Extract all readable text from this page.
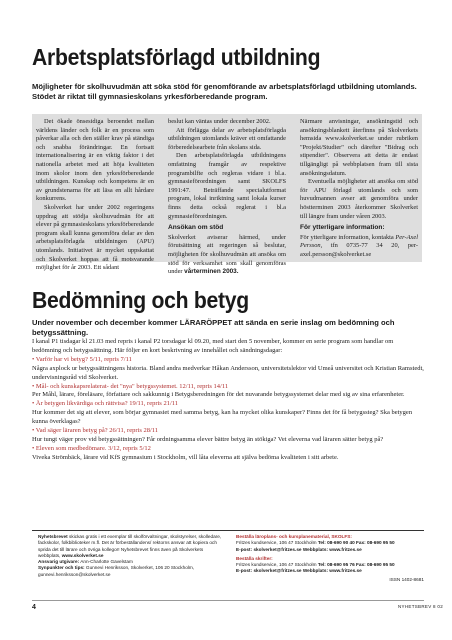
Arbetsplatsförlagd utbildning
Möjligheter för skolhuvudmän att söka stöd för genomförande av arbetsplatsförlagd utbildning utomlands. Stödet är riktat till gymnasieskolans yrkesförberedande program.

Det ökade önsesidiga beroendet mellan världens länder och folk är en process som påverkar alla och den ställer krav på ständiga och snabba förändringar. En fortsatt internationalisering är en viktig faktor i det nationella arbetet med att höja kvaliteten inom skolor inom den yrkesförberedande utbildningen. Kunskap och kompetens är en av grundstenarna för att läsa en allt hårdare konkurrens.

Skolverket har under 2002 regeringens uppdrag att stödja skolhuvudmän för att elever på gymnasieskolans yrkesförberedande program skall kunna genomföra delar av den arbetsplatsförlagda utbildningen (APU) utomlands. Initiativet är mycket uppskattat och Skolverket hoppas att få motsvarande möjlighet för år 2003. Ett sådant

beslut kan väntas under december 2002.

Att förlägga delar av arbetsplatsförlagda utbildningen utomlands kräver ett omfattande förberedelsearbete från skolans sida.

Den arbetsplatsförlagda utbildningens omfattning framgår av respektive programbilfte och regleras vidare i bl.a. gymnasieförordningen samt SKOLFS 1991:47. Beträffande specialutformat program, lokal inriktning samt lokala kurser finns detta också reglerat i bl.a gymnasieförordningen.

Ansökan om stöd

Skolverket aviserar härmed, under förutsättning att regeringen så beslutar, möjligheten för skolhuvudmän att ansöka om stöd för verksamhet som skall genomföras under vårterminen 2003.

Närmare anvisningar, ansökningstid och ansökningsblankett återfinns på Skolverkets hemsida www.skolverket.se under rubriken "Projekt/Studier" och därefter "Bidrag och stipendier". Observera att detta är endast tillgängligt på webbplatsen fram till sista ansökningsdatum.

Eventuella möjligheter att ansöka om stöd för APU förlagd utomlands och som huvudmannen avser att genomföra under höstterminen 2003 återkommer Skolverket till längre fram under våren 2003.

För ytterligare information:

För ytterligare information, kontakta Per-Axel Persson, tfn 0735-77 34 20, per-axel.persson@skolverket.se

Bedömning och betyg
Under november och december kommer LÄRARÖPPET att sända en serie inslag om bedömning och betygssättning.

I kanal P1 tisdagar kl 21.03 med repris i kanal P2 torsdagar kl 09.20, med start den 5 november, kommer en serie program som handlar om bedömning och betygssättning. Här följer en kort beskrivning av innehållet och sändningsdagar:

• Varför har vi betyg? 5/11, repris 7/11

Några axplock ur betygssättningens historia. Bland andra medverkar Håkan Andersson, universitetslektor vid Umeå universitet och Kristian Ramstedt, undervisningsråd vid Skolverket.

• Mål- och kunskapsrelaterat- det "nya" betygssystemet. 12/11, repris 14/11

Per Måhl, lärare, föreläsare, författare och sakkunnig i Betygsberedningen för det nuvarande betygssystemet delar med sig av sina erfarenheter.

• Är betygen likvärdiga och rättvisa? 19/11, repris 21/11

Hur kommer det sig att elever, som börjar gymnasiet med samma betyg, kan ha mycket olika kunskaper? Finns det för få betygssteg? Ska betygen kunna överklagas?

• Vad säger läraren betyg på? 26/11, repris 28/11

Hur tungt väger prov vid betygssättningen? Får ordningsamma elever bättre betyg än stökiga? Vet eleverna vad läraren sätter betyg på?

• Eleven som medbedömare. 3/12, repris 5/12

Viveka Strömbäck, lärare vid KfS gymnasium i Stockholm, vill låta eleverna att själva bedöma kvaliteten i sitt arbete.

Nyhetsbrevet skickas gratis i ett exemplar till skolförvaltningar, skolstyrelser, skolledare, fackskolor, folkbiblioteker m.fl. Det är förbeställandens/ rektorns ansvar att kopiera och sprida det till lärare och övriga kollegor! Nyhetsbrevet finns även på Skolverkets webbplats, www.skolverket.se

Ansvarig utgivare: Ann-Charlotte Gavelstam

Synpunkter och tips: Gunnevi Henriksson, Skolverket, 106 20 Stockholm, gunnevi.henriksson@skolverket.se

Beställa läroplans- och kursplanematerial, SKOLFS:

Fritzes kundservice, 106 47 Stockholm Tel: 08-690 90 40 Fax: 08-690 95 50

E-post: skolverket@fritzes.se Webbplats: www.fritzes.se

Beställa skrifter:

Fritzes kundservice, 106 47 Stockholm Tel: 08-690 95 76 Fax: 08-690 95 50

E-post: skolverket@fritzes.se Webbplats: www.fritzes.se

ISSN 1402-8681

4	NYHETSBREV 8 02
